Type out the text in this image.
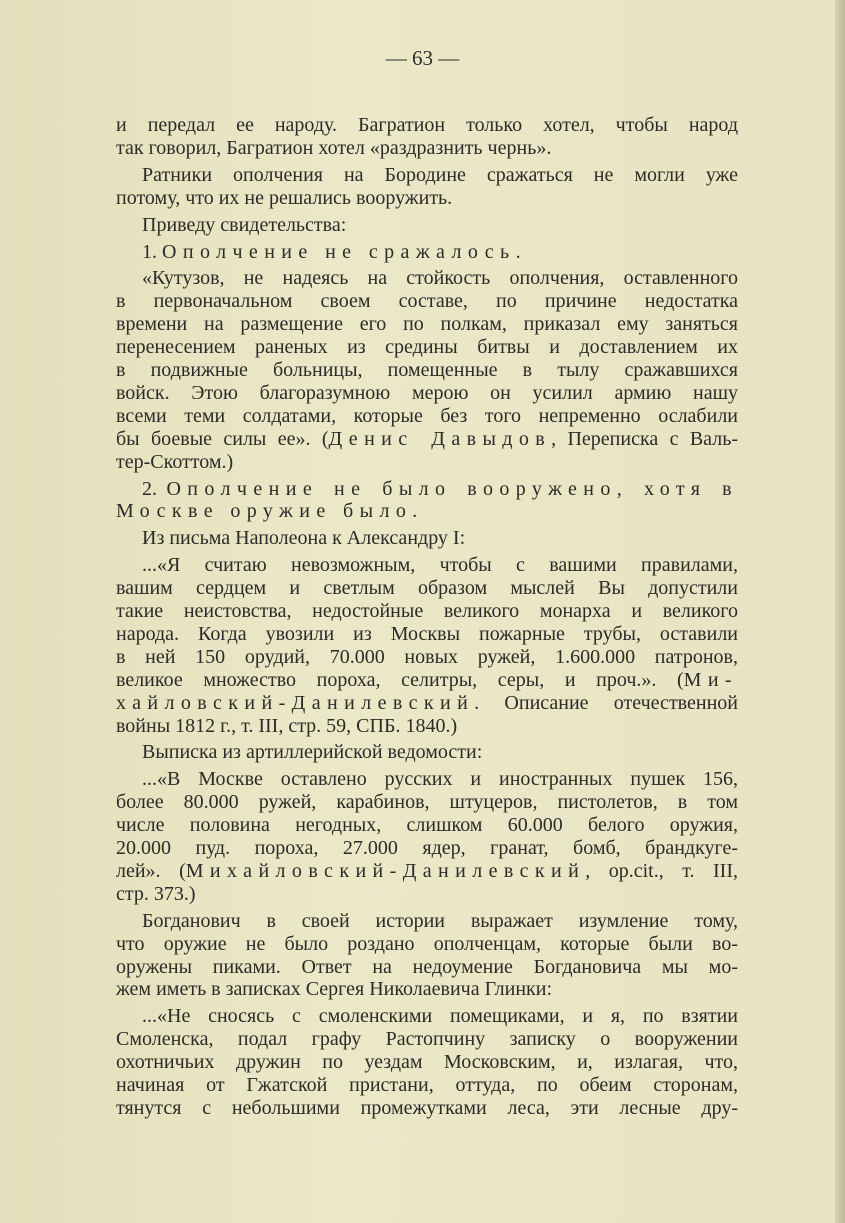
— 63 —
и передал ее народу. Багратион только хотел, чтобы народ
так говорил, Багратион хотел «раздразнить чернь».
Ратники ополчения на Бородине сражаться не могли уже
потому, что их не решались вооружить.
Приведу свидетельства:
1. Ополчение не сражалось.
«Кутузов, не надеясь на стойкость ополчения, оставленного
в первоначальном своем составе, по причине недостатка
времени на размещение его по полкам, приказал ему заняться
перенесением раненых из средины битвы и доставлением их
в подвижные больницы, помещенные в тылу сражавшихся
войск. Этою благоразумною мерою он усилил армию нашу
всеми теми солдатами, которые без того непременно ослабили
бы боевые силы ее». (Денис Давыдов, Переписка с Валь-
тер-Скоттом.)
2. Ополчение не было вооружено, хотя в
Москве оружие было.
Из письма Наполеона к Александру I:
...«Я считаю невозможным, чтобы с вашими правилами,
вашим сердцем и светлым образом мыслей Вы допустили
такие неистовства, недостойные великого монарха и великого
народа. Когда увозили из Москвы пожарные трубы, оставили
в ней 150 орудий, 70.000 новых ружей, 1.600.000 патронов,
великое множество пороха, селитры, серы, и проч.». (Ми-
хайловский-Данилевский. Описание отечественной
войны 1812 г., т. III, стр. 59, СПБ. 1840.)
Выписка из артиллерийской ведомости:
...«В Москве оставлено русских и иностранных пушек 156,
более 80.000 ружей, карабинов, штуцеров, пистолетов, в том
числе половина негодных, слишком 60.000 белого оружия,
20.000 пуд. пороха, 27.000 ядер, гранат, бомб, брандкуге-
лей». (Михайловский-Данилевский, op.cit., т. III,
стр. 373.)
Богданович в своей истории выражает изумление тому,
что оружие не было роздано ополченцам, которые были во-
оружены пиками. Ответ на недоумение Богдановича мы мо-
жем иметь в записках Сергея Николаевича Глинки:
...«Не сносясь с смоленскими помещиками, и я, по взятии
Смоленска, подал графу Растопчину записку о вооружении
охотничьих дружин по уездам Московским, и, излагая, что,
начиная от Гжатской пристани, оттуда, по обеим сторонам,
тянутся с небольшими промежутками леса, эти лесные дру-
